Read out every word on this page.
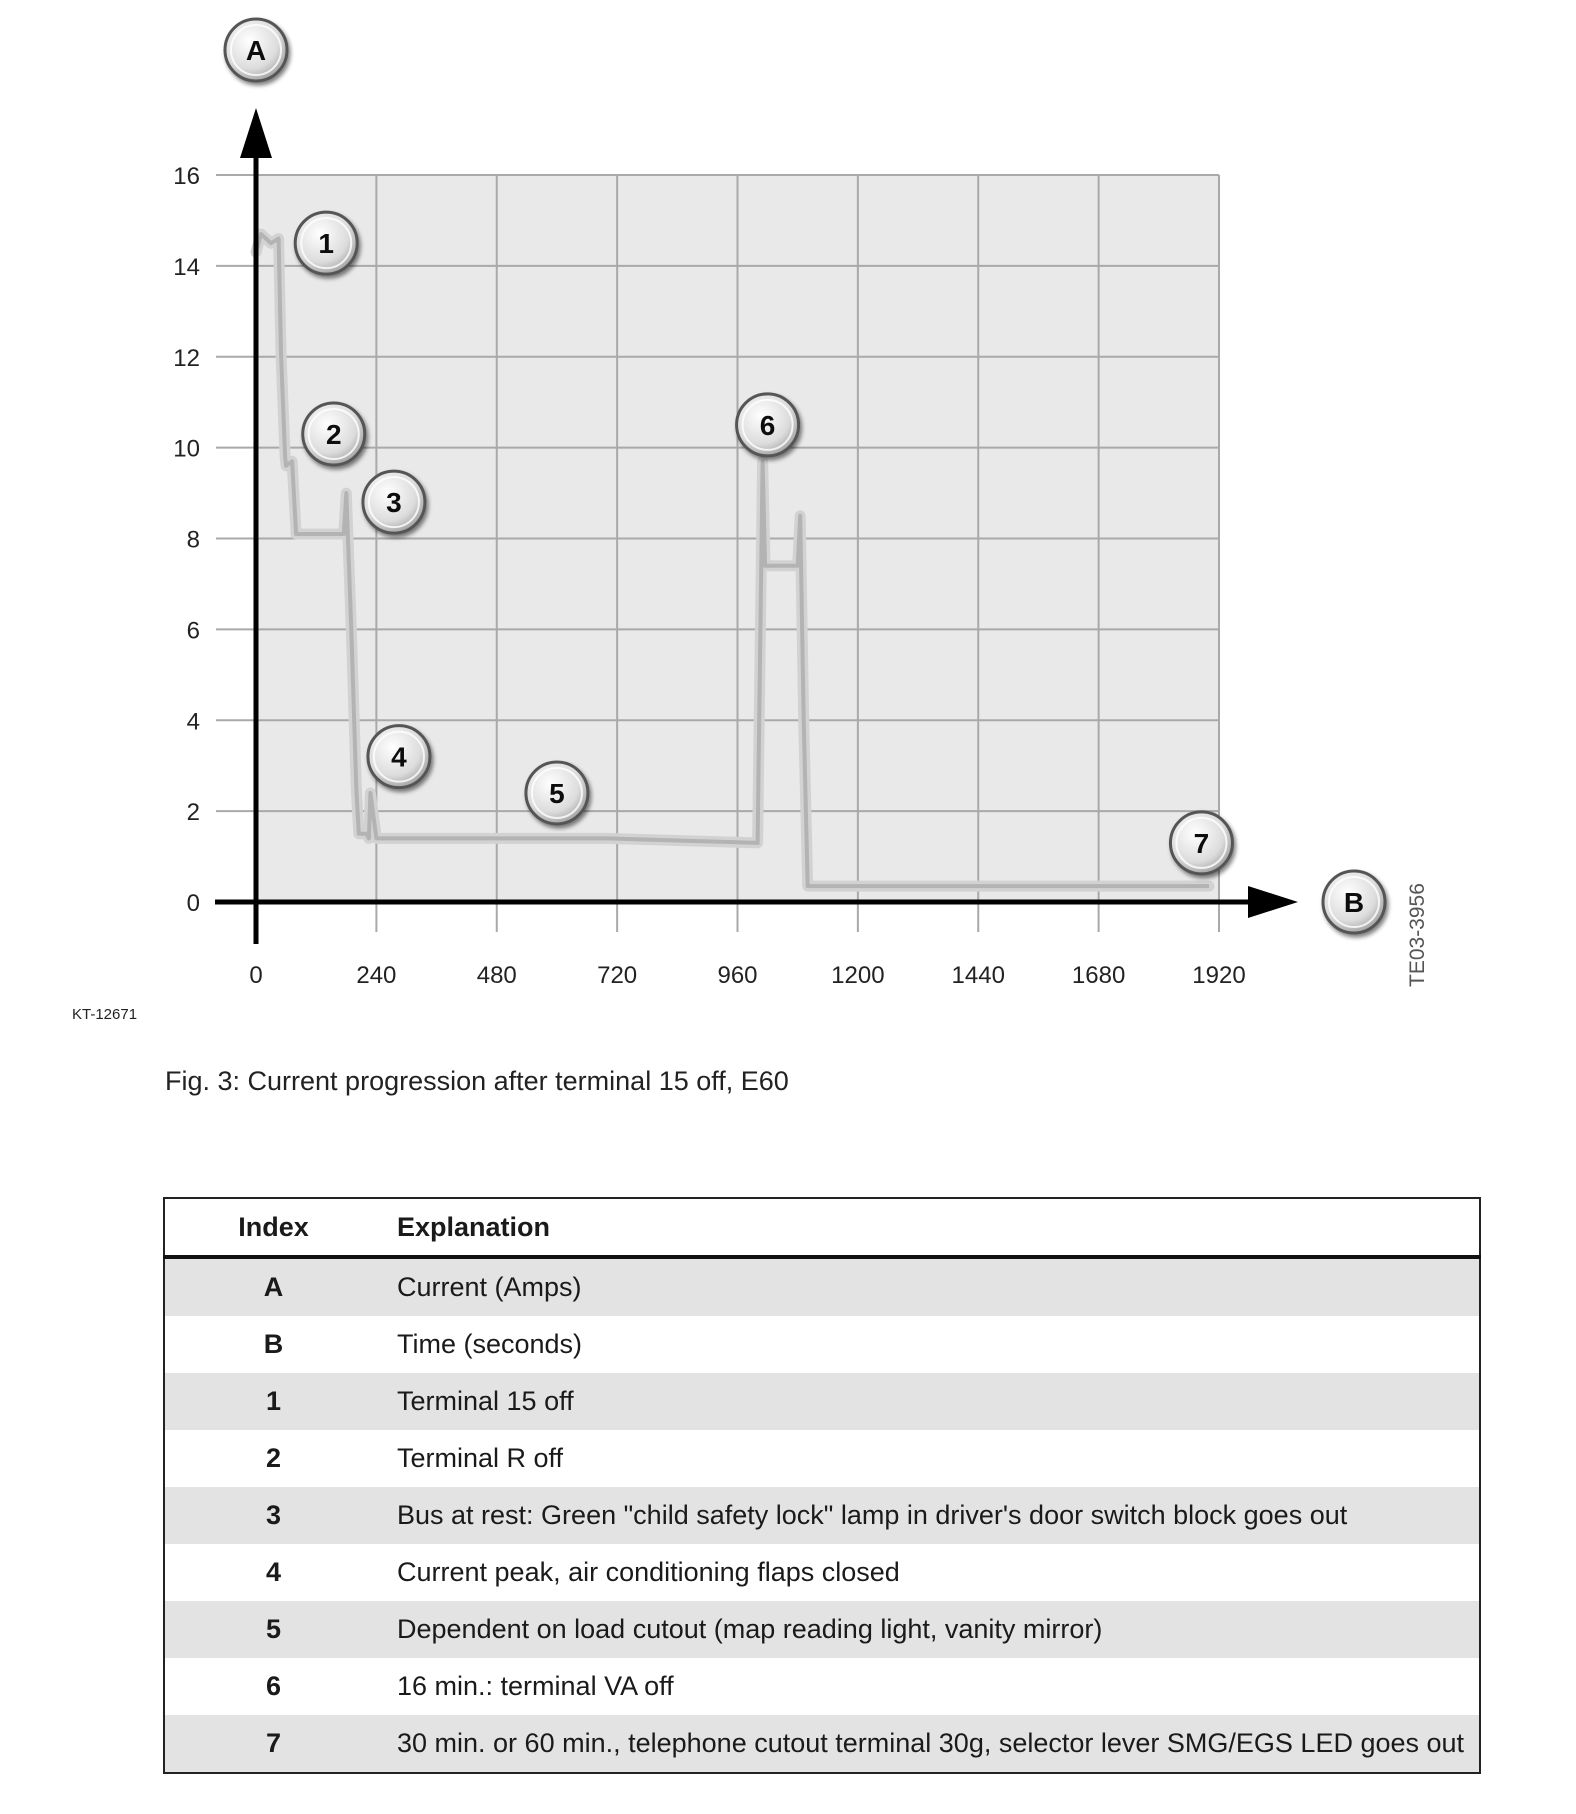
0	240	480	720	960	1200	1440	1680	1920
0
2
4
6
8
10
14
12
16
1
2
3
4
5
6
7
A
B TE03-3956
KT-12671
Fig. 3: Current progression after terminal 15 off, E60
Index	Explanation
A	Current (Amps)
B	Time (seconds)
1	Terminal 15 off
2	Terminal R off
3	Bus at rest: Green "child safety lock" lamp in driver's door switch block goes out
4	Current peak, air conditioning flaps closed
5	Dependent on load cutout (map reading light, vanity mirror)
6	16 min.: terminal VA off
7	30 min. or 60 min., telephone cutout terminal 30g, selector lever SMG/EGS LED goes out
